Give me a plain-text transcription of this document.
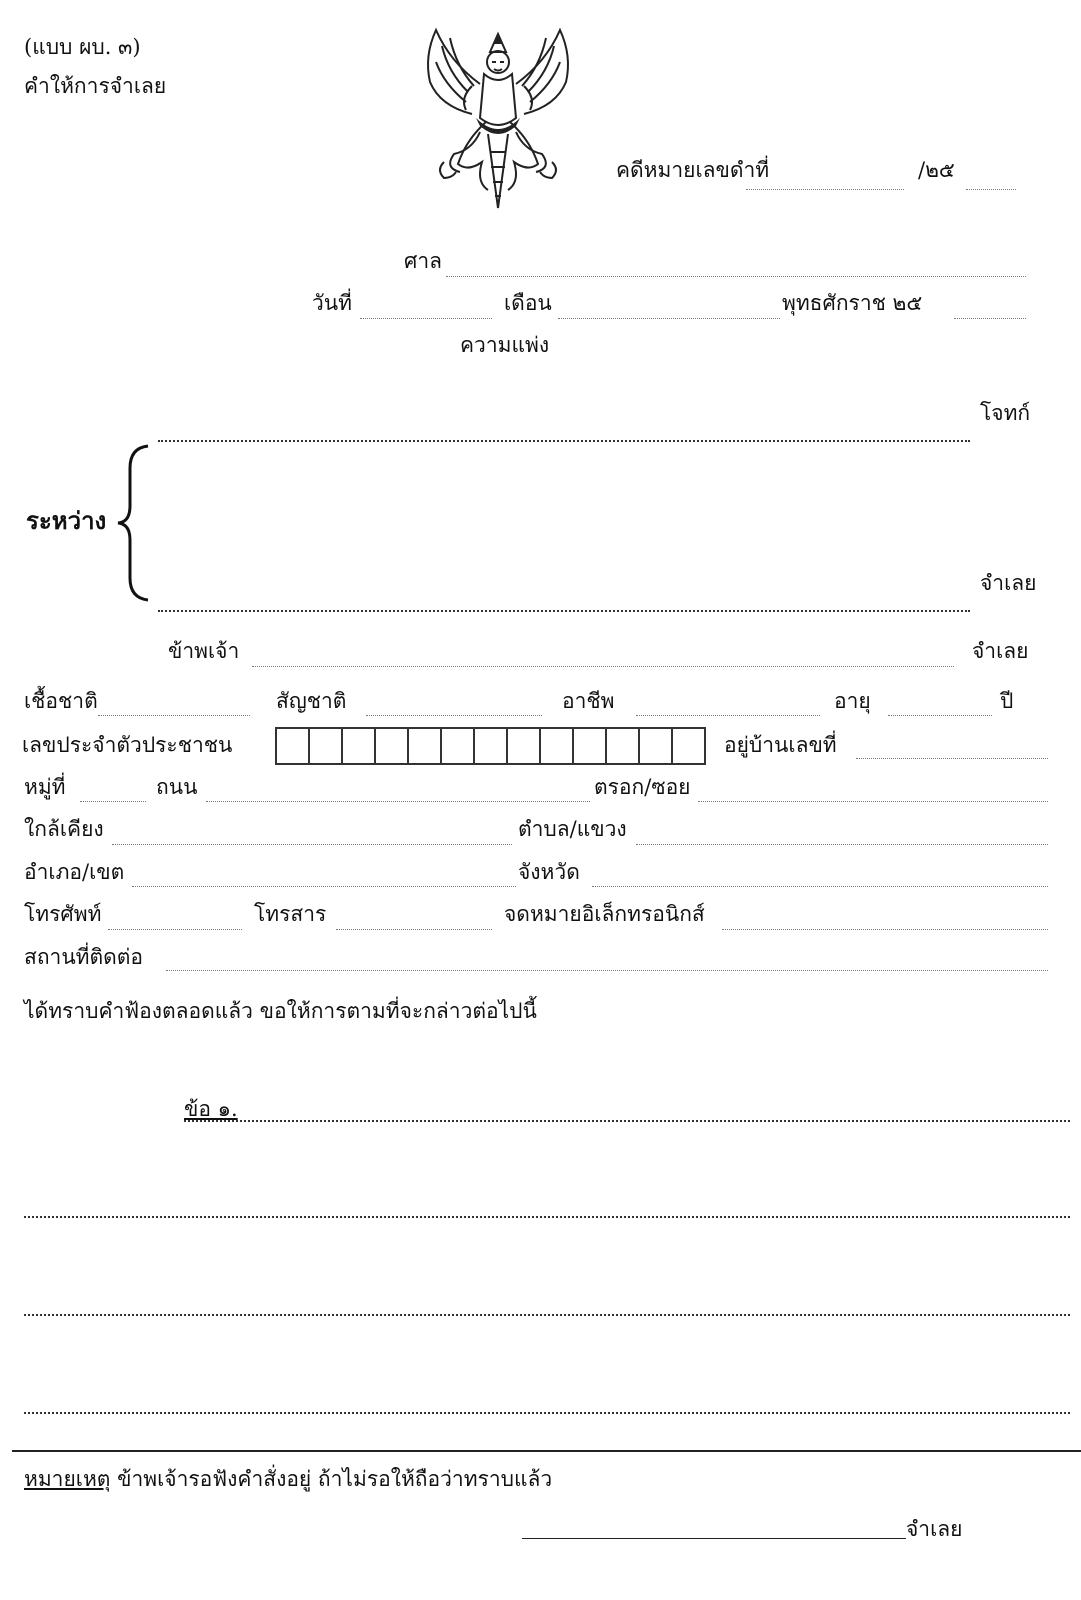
(แบบ ผบ. ๓)
คำให้การจำเลย
คดีหมายเลขดำที่	/๒๕
ศาล
วันที่	เดือน	พุทธศักราช ๒๕
ความแพ่ง
โจทก์
ระหว่าง
จำเลย
ข้าพเจ้า	จำเลย
เชื้อชาติ	สัญชาติ	อาชีพ	อายุ	ปี
เลขประจำตัวประชาชน	อยู่บ้านเลขที่
หมู่ที่	ถนน	ตรอก/ซอย
ใกล้เคียง	ตำบล/แขวง
อำเภอ/เขต	จังหวัด
โทรศัพท์	โทรสาร	จดหมายอิเล็กทรอนิกส์
สถานที่ติดต่อ
ได้ทราบคำฟ้องตลอดแล้ว ขอให้การตามที่จะกล่าวต่อไปนี้
ข้อ ๑.
หมายเหตุ ข้าพเจ้ารอฟังคำสั่งอยู่ ถ้าไม่รอให้ถือว่าทราบแล้ว
จำเลย
